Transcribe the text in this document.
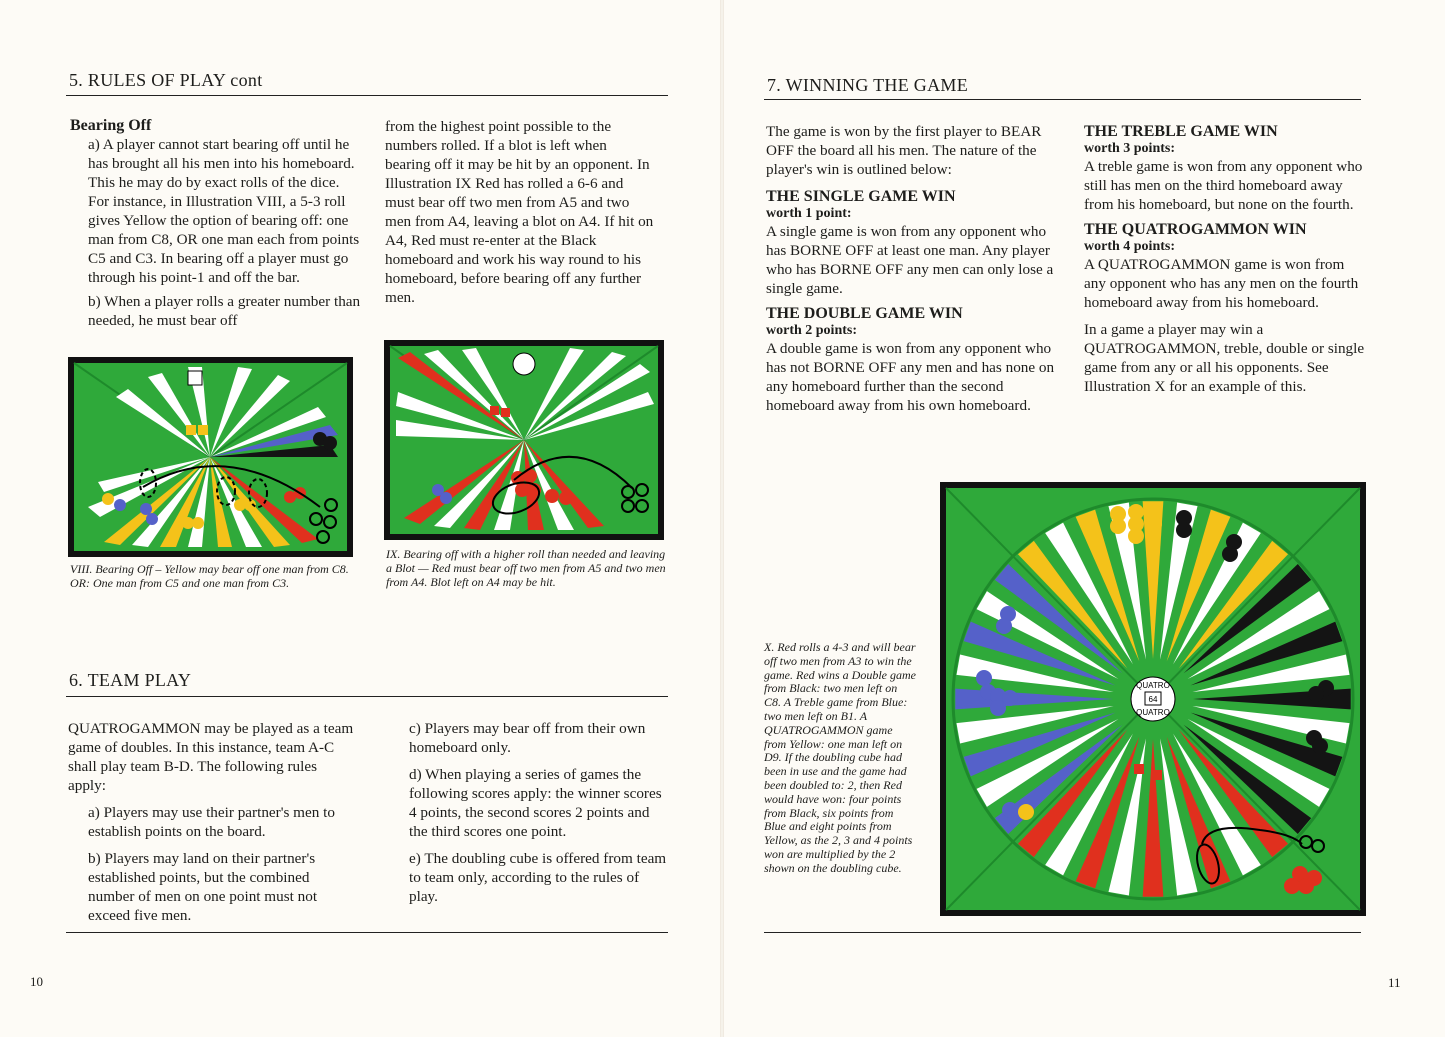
5. RULES OF PLAY cont

Bearing Off

a) A player cannot start bearing off until he has brought all his men into his homeboard. This he may do by exact rolls of the dice. For instance, in Illustration VIII, a 5-3 roll gives Yellow the option of bearing off: one man from C8, OR one man each from points C5 and C3. In bearing off a player must go through his point-1 and off the bar.

b) When a player rolls a greater number than needed, he must bear off

from the highest point possible to the numbers rolled. If a blot is left when bearing off it may be hit by an opponent. In Illustration IX Red has rolled a 6-6 and must bear off two men from A5 and two men from A4, leaving a blot on A4. If hit on A4, Red must re-enter at the Black homeboard and work his way round to his homeboard, before bearing off any further men.

VIII. Bearing Off – Yellow may bear off one man from C8. OR: One man from C5 and one man from C3.
IX. Bearing off with a higher roll than needed and leaving a Blot — Red must bear off two men from A5 and two men from A4. Blot left on A4 may be hit.
6. TEAM PLAY

QUATROGAMMON may be played as a team game of doubles. In this instance, team A-C shall play team B-D. The following rules apply:

a) Players may use their partner's men to establish points on the board.

b) Players may land on their partner's established points, but the combined number of men on one point must not exceed five men.

c) Players may bear off from their own homeboard only.

d) When playing a series of games the following scores apply: the winner scores 4 points, the second scores 2 points and the third scores one point.

e) The doubling cube is offered from team to team only, according to the rules of play.

10
7. WINNING THE GAME

The game is won by the first player to BEAR OFF the board all his men. The nature of the player's win is outlined below:

THE SINGLE GAME WIN

worth 1 point:

A single game is won from any opponent who has BORNE OFF at least one man. Any player who has BORNE OFF any men can only lose a single game.

THE DOUBLE GAME WIN

worth 2 points:

A double game is won from any opponent who has not BORNE OFF any men and has none on any homeboard further than the second homeboard away from his own homeboard.

THE TREBLE GAME WIN

worth 3 points:

A treble game is won from any opponent who still has men on the third homeboard away from his homeboard, but none on the fourth.

THE QUATROGAMMON WIN

worth 4 points:

A QUATROGAMMON game is won from any opponent who has any men on the fourth homeboard away from his homeboard.

In a game a player may win a QUATROGAMMON, treble, double or single game from any or all his opponents. See Illustration X for an example of this.

X. Red rolls a 4-3 and will bear off two men from A3 to win the game. Red wins a Double game from Black: two men left on C8. A Treble game from Blue: two men left on B1. A QUATROGAMMON game from Yellow: one man left on D9. If the doubling cube had been in use and the game had been doubled to: 2, then Red would have won: four points from Black, six points from Blue and eight points from Yellow, as the 2, 3 and 4 points won are multiplied by the 2 shown on the doubling cube.
QUATRO
64
QUATRO
11
